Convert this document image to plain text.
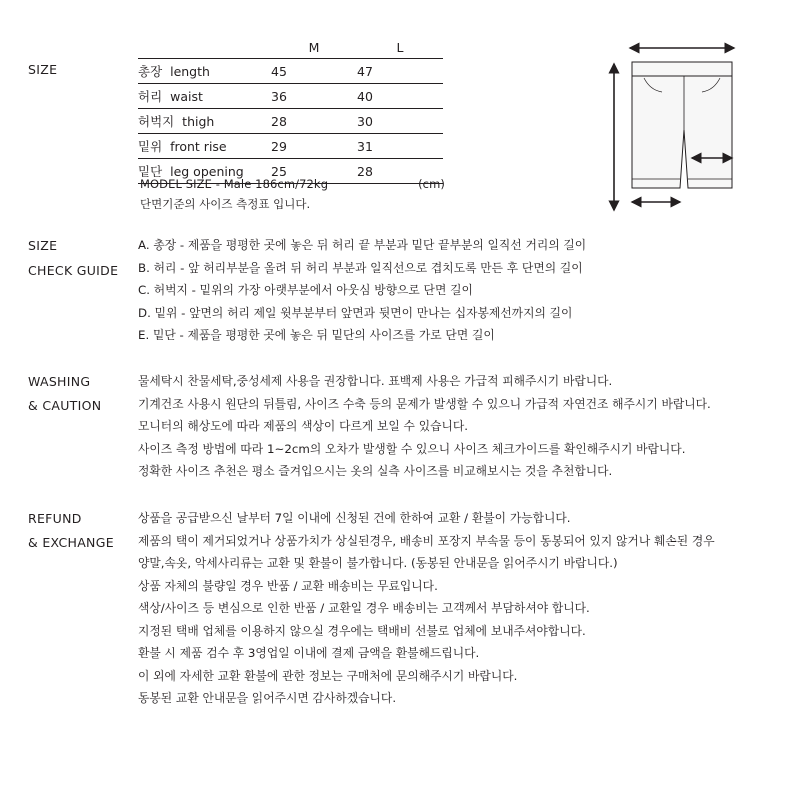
SIZE
SIZE
CHECK GUIDE
WASHING
& CAUTION
REFUND
& EXCHANGE
	M	L
총장  length	45	47
허리  waist	36	40
허벅지  thigh	28	30
밑위  front rise	29	31
밑단  leg opening	25	28
(cm)
MODEL SIZE - Male 186cm/72kg
단면기준의 사이즈 측정표 입니다.
A. 총장 - 제품을 평평한 곳에 놓은 뒤 허리 끝 부분과 밑단 끝부분의 일직선 거리의 길이
B. 허리 - 앞 허리부분을 올려 뒤 허리 부분과 일직선으로 겹치도록 만든 후 단면의 길이
C. 허벅지 - 밑위의 가장 아랫부분에서 아웃심 방향으로 단면 길이
D. 밑위 - 앞면의 허리 제일 윗부분부터 앞면과 뒷면이 만나는 십자봉제선까지의 길이
E. 밑단 - 제품을 평평한 곳에 놓은 뒤 밑단의 사이즈를 가로 단면 길이
물세탁시 찬물세탁,중성세제 사용을 권장합니다. 표백제 사용은 가급적 피해주시기 바랍니다.
기계건조 사용시 원단의 뒤틀림, 사이즈 수축 등의 문제가 발생할 수 있으니 가급적 자연건조 해주시기 바랍니다.
모니터의 해상도에 따라 제품의 색상이 다르게 보일 수 있습니다.
사이즈 측정 방법에 따라 1~2cm의 오차가 발생할 수 있으니 사이즈 체크가이드를 확인해주시기 바랍니다.
정확한 사이즈 추천은 평소 즐겨입으시는 옷의 실측 사이즈를 비교해보시는 것을 추천합니다.
상품을 공급받으신 날부터 7일 이내에 신청된 건에 한하여 교환 / 환불이 가능합니다.
제품의 택이 제거되었거나 상품가치가 상실된경우, 배송비 포장지 부속물 등이 동봉되어 있지 않거나 훼손된 경우
양말,속옷, 악세사리류는 교환 및 환불이 불가합니다. (동봉된 안내문을 읽어주시기 바랍니다.)
상품 자체의 불량일 경우 반품 / 교환 배송비는 무료입니다.
색상/사이즈 등 변심으로 인한 반품 / 교환일 경우 배송비는 고객께서 부담하셔야 합니다.
지정된 택배 업체를 이용하지 않으실 경우에는 택배비 선불로 업체에 보내주셔야합니다.
환불 시 제품 검수 후 3영업일 이내에 결제 금액을 환불해드립니다.
이 외에 자세한 교환 환불에 관한 정보는 구매처에 문의해주시기 바랍니다.
동봉된 교환 안내문을 읽어주시면 감사하겠습니다.
